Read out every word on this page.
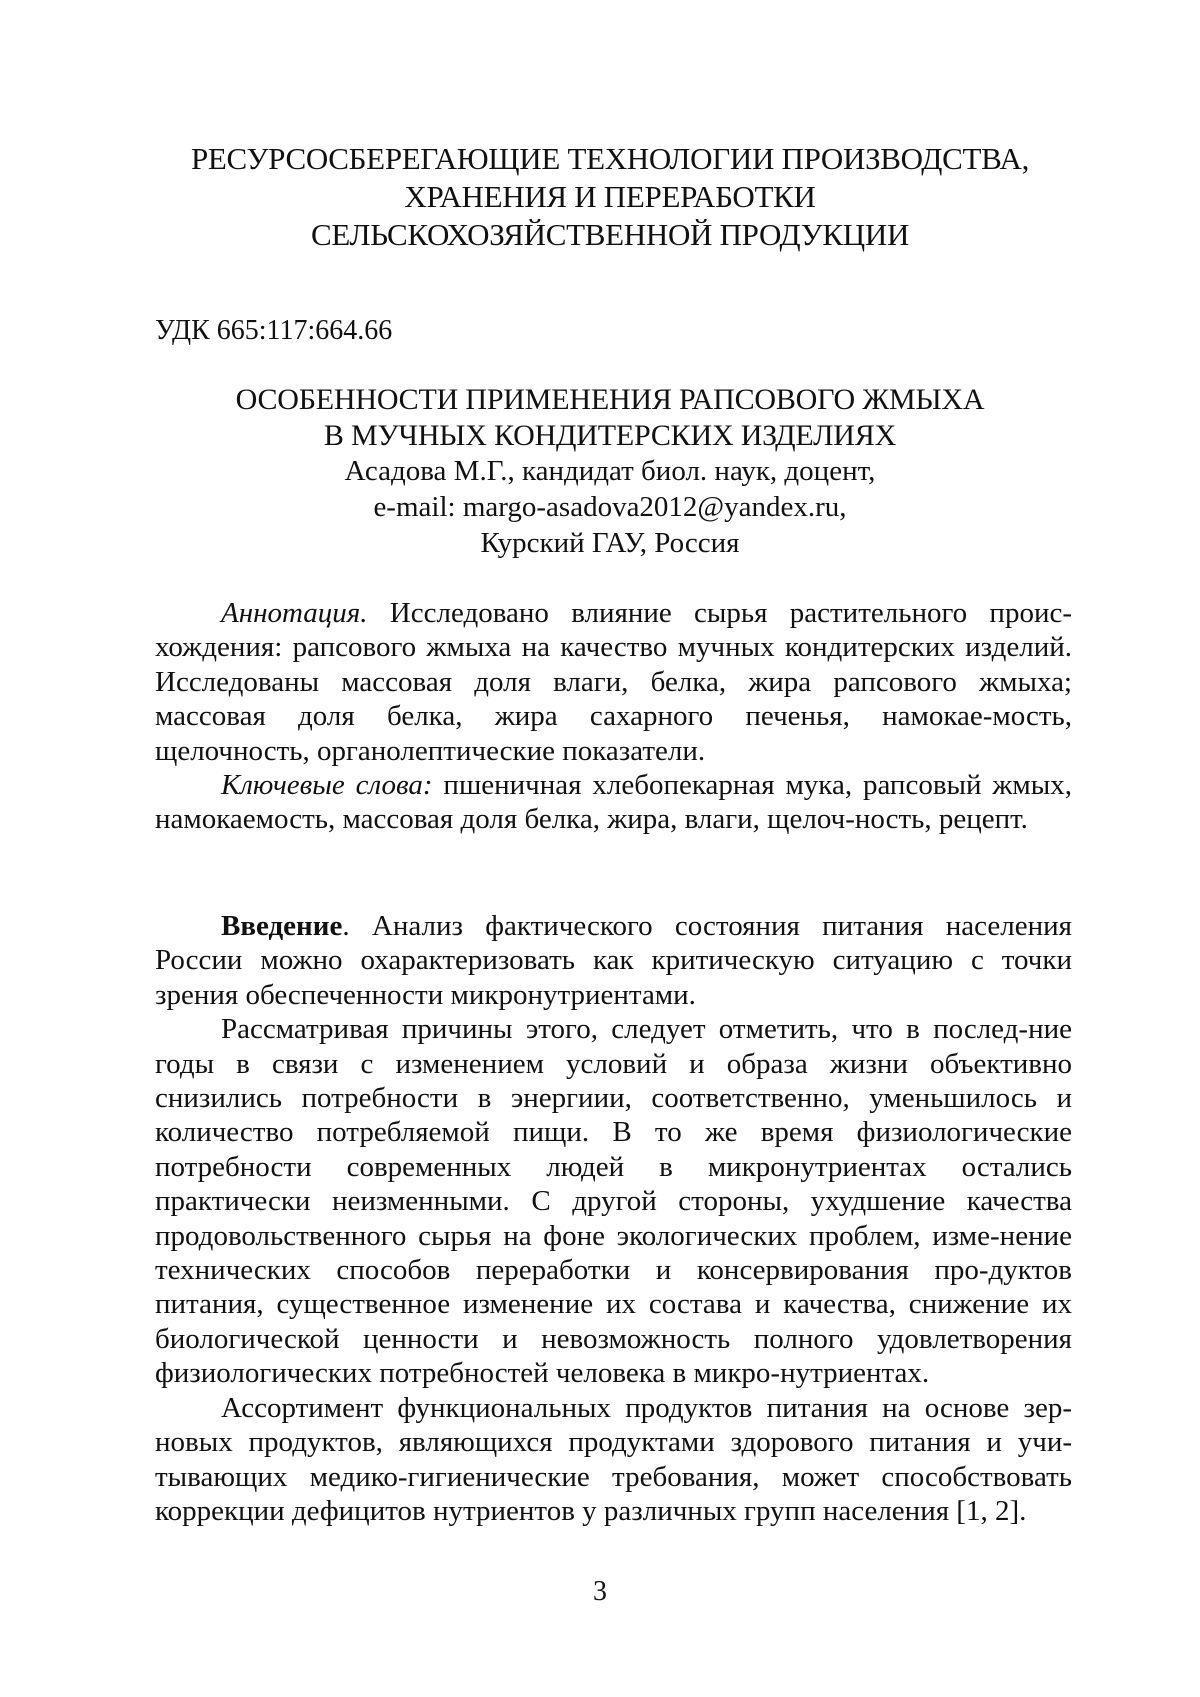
РЕСУРСОСБЕРЕГАЮЩИЕ ТЕХНОЛОГИИ ПРОИЗВОДСТВА,
ХРАНЕНИЯ И ПЕРЕРАБОТКИ
СЕЛЬСКОХОЗЯЙСТВЕННОЙ ПРОДУКЦИИ
УДК 665:117:664.66
ОСОБЕННОСТИ ПРИМЕНЕНИЯ РАПСОВОГО ЖМЫХА
В МУЧНЫХ КОНДИТЕРСКИХ ИЗДЕЛИЯХ
Асадова М.Г., кандидат биол. наук, доцент,
e-mail: margo-asadova2012@yandex.ru,
Курский ГАУ, Россия

Аннотация. Исследовано влияние сырья растительного проис-хождения: рапсового жмыха на качество мучных кондитерских изделий. Исследованы массовая доля влаги, белка, жира рапсового жмыха; массовая доля белка, жира сахарного печенья, намокае-мость, щелочность, органолептические показатели.

Ключевые слова: пшеничная хлебопекарная мука, рапсовый жмых, намокаемость, массовая доля белка, жира, влаги, щелоч-ность, рецепт.

Введение. Анализ фактического состояния питания населения России можно охарактеризовать как критическую ситуацию с точки зрения обеспеченности микронутриентами.

Рассматривая причины этого, следует отметить, что в послед-ние годы в связи с изменением условий и образа жизни объективно снизились потребности в энергиии, соответственно, уменьшилось и количество потребляемой пищи. В то же время физиологические потребности современных людей в микронутриентах остались практически неизменными. С другой стороны, ухудшение качества продовольственного сырья на фоне экологических проблем, изме-нение технических способов переработки и консервирования про-дуктов питания, существенное изменение их состава и качества, снижение их биологической ценности и невозможность полного удовлетворения физиологических потребностей человека в микро-нутриентах.

Ассортимент функциональных продуктов питания на основе зер-новых продуктов, являющихся продуктами здорового питания и учи-тывающих медико-гигиенические требования, может способствовать коррекции дефицитов нутриентов у различных групп населения [1, 2].

3
